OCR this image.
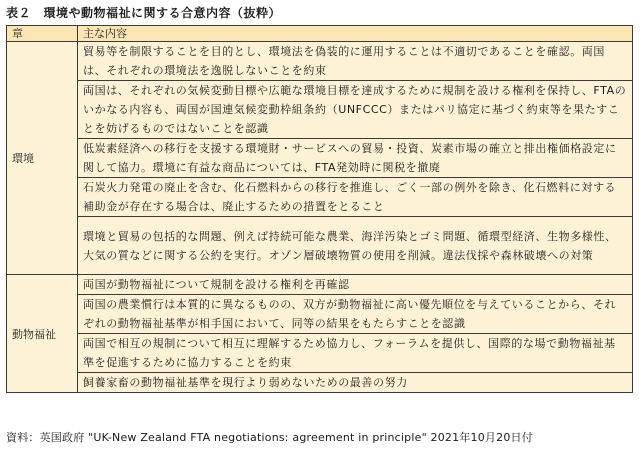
表２　環境や動物福祉に関する合意内容（抜粋）
章	主な内容
環境	貿易等を制限することを目的とし、環境法を偽装的に運用することは不適切であることを確認。両国は、それぞれの環境法を逸脱しないことを約束
	両国は、それぞれの気候変動目標や広範な環境目標を達成するために規制を設ける権利を保持し、FTAのいかなる内容も、両国が国連気候変動枠組条約（UNFCCC）またはパリ協定に基づく約束等を果たすことを妨げるものではないことを認識
	低炭素経済への移行を支援する環境財・サービスへの貿易・投資、炭素市場の確立と排出権価格設定に関して協力。環境に有益な商品については、FTA発効時に関税を撤廃
	石炭火力発電の廃止を含む、化石燃料からの移行を推進し、ごく一部の例外を除き、化石燃料に対する補助金が存在する場合は、廃止するための措置をとること
	環境と貿易の包括的な問題、例えば持続可能な農業、海洋汚染とゴミ問題、循環型経済、生物多様性、大気の質などに関する公約を実行。オゾン層破壊物質の使用を削減。違法伐採や森林破壊への対策
動物福祉	両国が動物福祉について規制を設ける権利を再確認
	両国の農業慣行は本質的に異なるものの、双方が動物福祉に高い優先順位を与えていることから、それぞれの動物福祉基準が相手国において、同等の結果をもたらすことを認識
	両国で相互の規制について相互に理解するため協力し、フォーラムを提供し、国際的な場で動物福祉基準を促進するために協力することを約束
	飼養家畜の動物福祉基準を現行より弱めないための最善の努力
資料：英国政府 "UK-New Zealand FTA negotiations: agreement in principle" 2021年10月20日付
